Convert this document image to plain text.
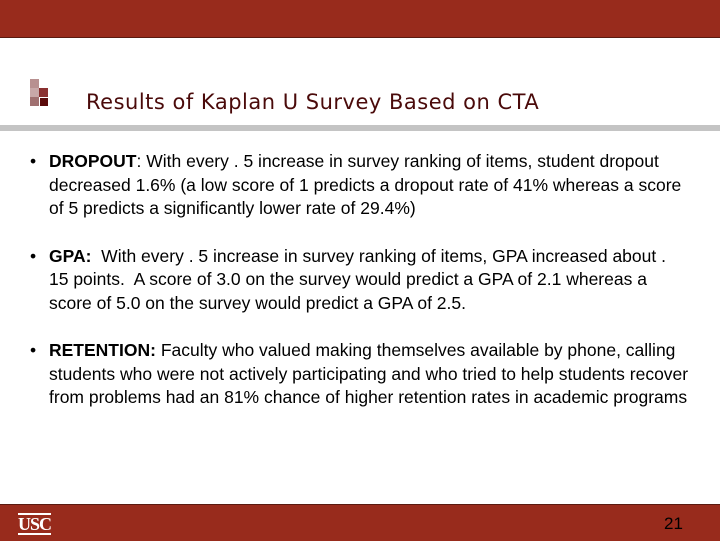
Results of Kaplan U Survey Based on CTA
• DROPOUT: With every . 5 increase in survey ranking of items, student dropout decreased 1.6% (a low score of 1 predicts a dropout rate of 41% whereas a score of 5 predicts a significantly lower rate of 29.4%)

• GPA:  With every . 5 increase in survey ranking of items, GPA increased about . 15 points.  A score of 3.0 on the survey would predict a GPA of 2.1 whereas a score of 5.0 on the survey would predict a GPA of 2.5.

• RETENTION: Faculty who valued making themselves available by phone, calling students who were not actively participating and who tried to help students recover from problems had an 81% chance of higher retention rates in academic programs

USC	21
